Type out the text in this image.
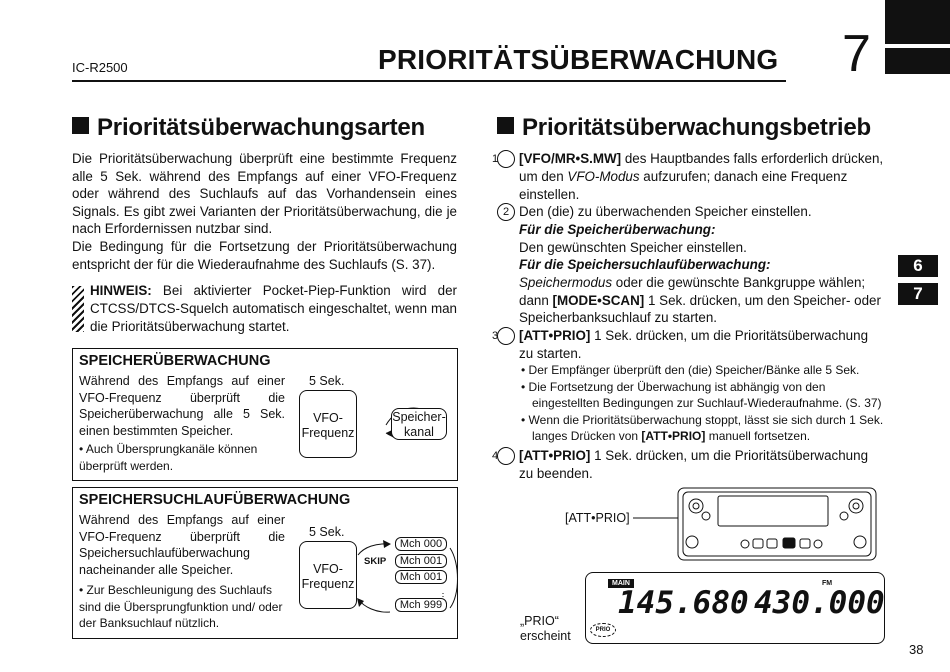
IC-R2500	PRIORITÄTSÜBERWACHUNG 7
6
7
Prioritätsüberwachungsarten
Die Prioritätsüberwachung überprüft eine bestimmte Frequenz alle 5 Sek. während des Empfangs auf einer VFO-Frequenz oder während des Suchlaufs auf das Vorhandensein eines Signals. Es gibt zwei Varianten der Prioritätsüberwachung, die je nach Erfordernissen nutzbar sind.
Die Bedingung für die Fortsetzung der Prioritätsüberwachung entspricht der für die Wiederaufnahme des Suchlaufs (S. 37).
HINWEIS: Bei aktivierter Pocket-Piep-Funktion wird der CTCSS/DTCS-Squelch automatisch eingeschaltet, wenn man die Prioritätsüberwachung startet.
SPEICHERÜBERWACHUNG
Während des Empfangs auf einer VFO-Frequenz überprüft die Speicherüberwachung alle 5 Sek. einen bestimmten Speicher.
• Auch Übersprungkanäle können überprüft werden.
5 Sek.
VFO-
Frequenz
Speicher-
kanal
SPEICHERSUCHLAUFÜBERWACHUNG
Während des Empfangs auf einer VFO-Frequenz überprüft die Speichersuchlaufüberwachung nacheinander alle Speicher.
• Zur Beschleunigung des Suchlaufs sind die Übersprungfunktion und/ oder der Banksuchlauf nützlich.
5 Sek.
VFO-
Frequenz
SKIP
Mch 000
Mch 001
Mch 001
Mch 999
Prioritätsüberwachungsbetrieb
1 [VFO/MR•S.MW] des Hauptbandes falls erforderlich drücken, um den VFO-Modus aufzurufen; danach eine Frequenz einstellen.
2 Den (die) zu überwachenden Speicher einstellen.
Für die Speicherüberwachung:
Den gewünschten Speicher einstellen.
Für die Speichersuchlaufüberwachung:
Speichermodus oder die gewünschte Bankgruppe wählen; dann [MODE•SCAN] 1 Sek. drücken, um den Speicher- oder Speicherbanksuchlauf zu starten.
3 [ATT•PRIO] 1 Sek. drücken, um die Prioritätsüberwachung zu starten.
• Der Empfänger überprüft den (die) Speicher/Bänke alle 5 Sek.
• Die Fortsetzung der Überwachung ist abhängig von den eingestellten Bedingungen zur Suchlauf-Wiederaufnahme. (S. 37)
• Wenn die Prioritätsüberwachung stoppt, lässt sie sich durch 1 Sek. langes Drücken von [ATT•PRIO] manuell fortsetzen.
4 [ATT•PRIO] 1 Sek. drücken, um die Prioritätsüberwachung zu beenden.
[ATT•PRIO]
MAIN	FM
145.680 430.000
PRIO
„PRIO“
erscheint
38
